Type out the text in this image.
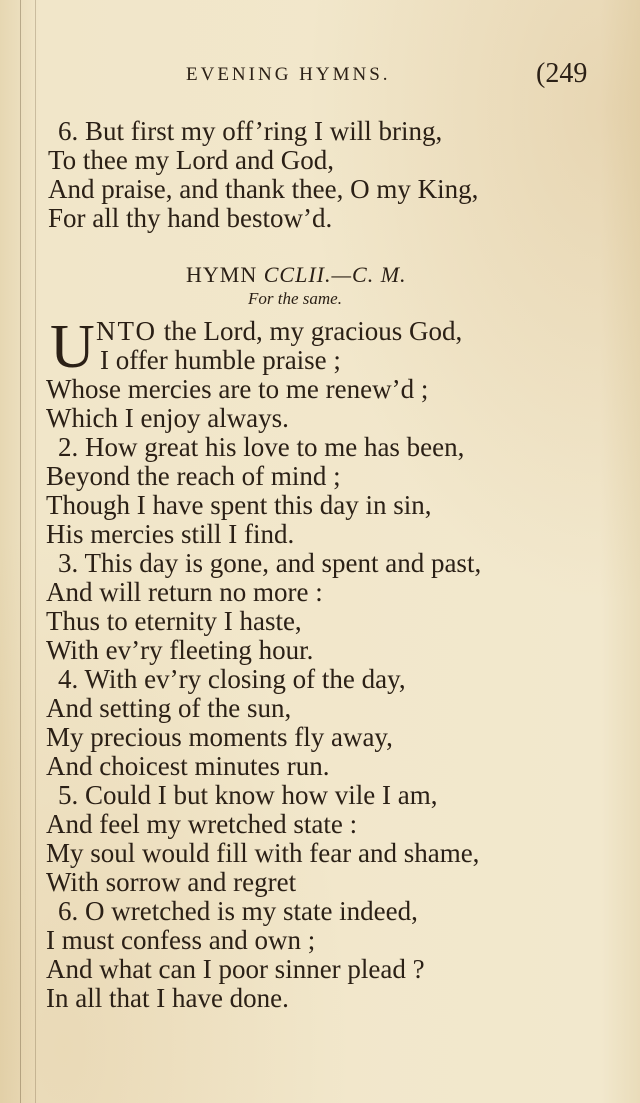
EVENING HYMNS.	(249
6. But first my off’ring I will bring,
To thee my Lord and God,
And praise, and thank thee, O my King,
For all thy hand bestow’d.
HYMN CCLII.—C. M.
For the same.
U NTO the Lord, my gracious God,
I offer humble praise ;
Whose mercies are to me renew’d ;
Which I enjoy always.
2. How great his love to me has been,
Beyond the reach of mind ;
Though I have spent this day in sin,
His mercies still I find.
3. This day is gone, and spent and past,
And will return no more :
Thus to eternity I haste,
With ev’ry fleeting hour.
4. With ev’ry closing of the day,
And setting of the sun,
My precious moments fly away,
And choicest minutes run.
5. Could I but know how vile I am,
And feel my wretched state :
My soul would fill with fear and shame,
With sorrow and regret
6. O wretched is my state indeed,
I must confess and own ;
And what can I poor sinner plead ?
In all that I have done.
